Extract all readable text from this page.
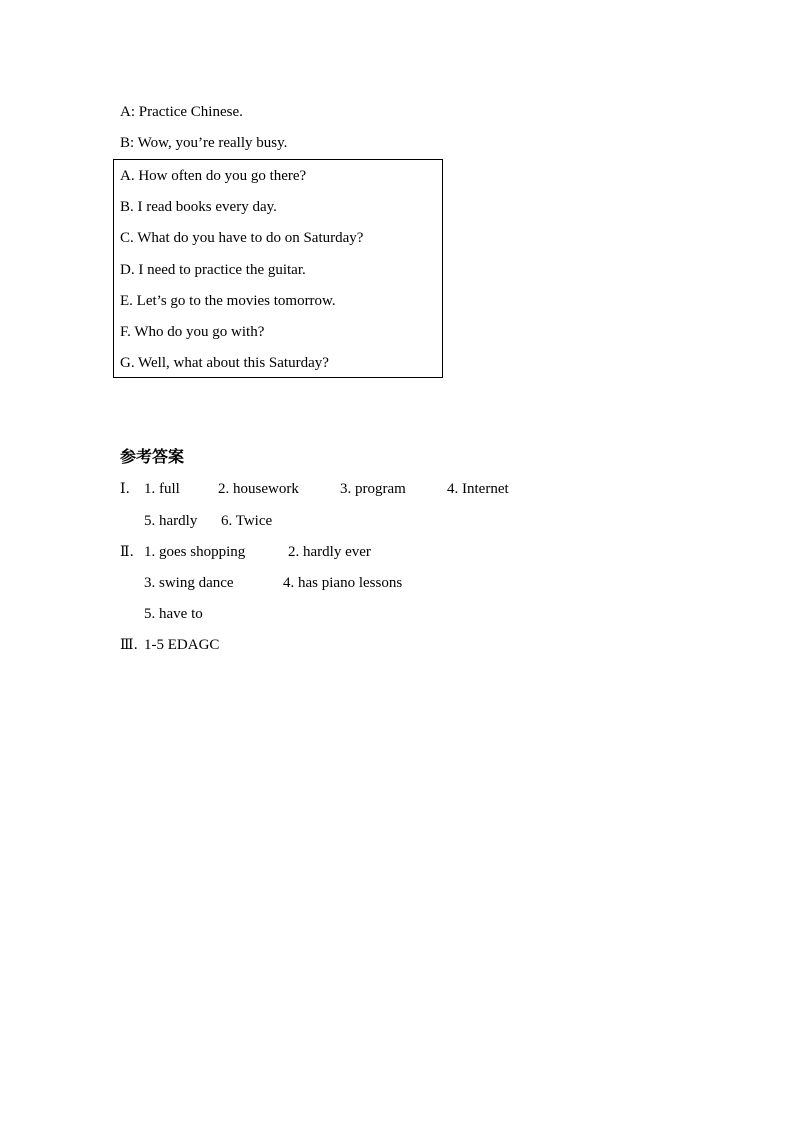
A: Practice Chinese.
B: Wow, you’re really busy.
A. How often do you go there?
B. I read books every day.
C. What do you have to do on Saturday?
D. I need to practice the guitar.
E. Let’s go to the movies tomorrow.
F. Who do you go with?
G. Well, what about this Saturday?
参考答案
Ⅰ. 1. full	2. housework	3. program	4. Internet
5. hardly 6. Twice
Ⅱ. 1. goes shopping	2. hardly ever
3. swing dance	4. has piano lessons
5. have to
Ⅲ. 1-5 EDAGC
